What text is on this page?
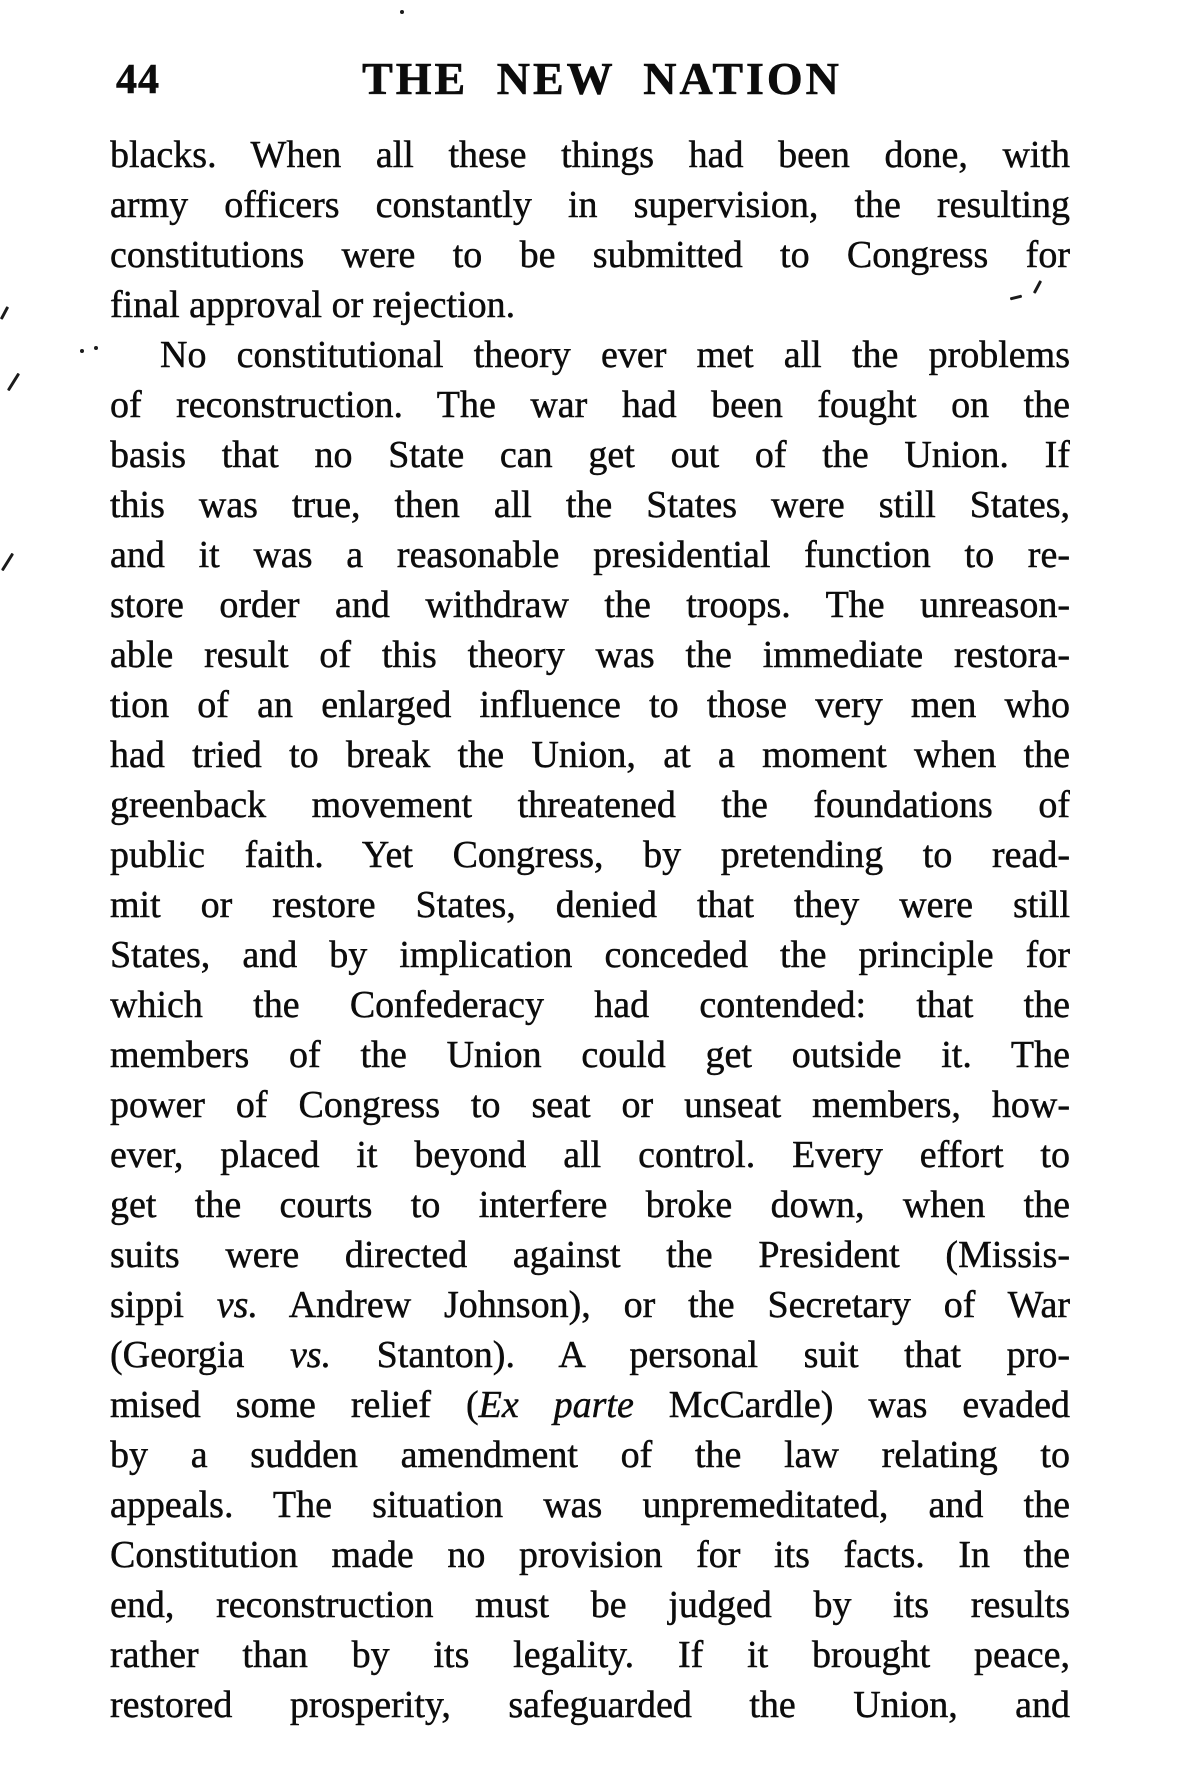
44	THE NEW NATION
blacks. When all these things had been done, with
army officers constantly in supervision, the resulting
constitutions were to be submitted to Congress for
final approval or rejection.
No constitutional theory ever met all the problems
of reconstruction. The war had been fought on the
basis that no State can get out of the Union. If
this was true, then all the States were still States,
and it was a reasonable presidential function to re-
store order and withdraw the troops. The unreason-
able result of this theory was the immediate restora-
tion of an enlarged influence to those very men who
had tried to break the Union, at a moment when the
greenback movement threatened the foundations of
public faith. Yet Congress, by pretending to read-
mit or restore States, denied that they were still
States, and by implication conceded the principle for
which the Confederacy had contended: that the
members of the Union could get outside it. The
power of Congress to seat or unseat members, how-
ever, placed it beyond all control. Every effort to
get the courts to interfere broke down, when the
suits were directed against the President (Missis-
sippi vs. Andrew Johnson), or the Secretary of War
(Georgia vs. Stanton). A personal suit that pro-
mised some relief (Ex parte McCardle) was evaded
by a sudden amendment of the law relating to
appeals. The situation was unpremeditated, and the
Constitution made no provision for its facts. In the
end, reconstruction must be judged by its results
rather than by its legality. If it brought peace,
restored prosperity, safeguarded the Union, and
